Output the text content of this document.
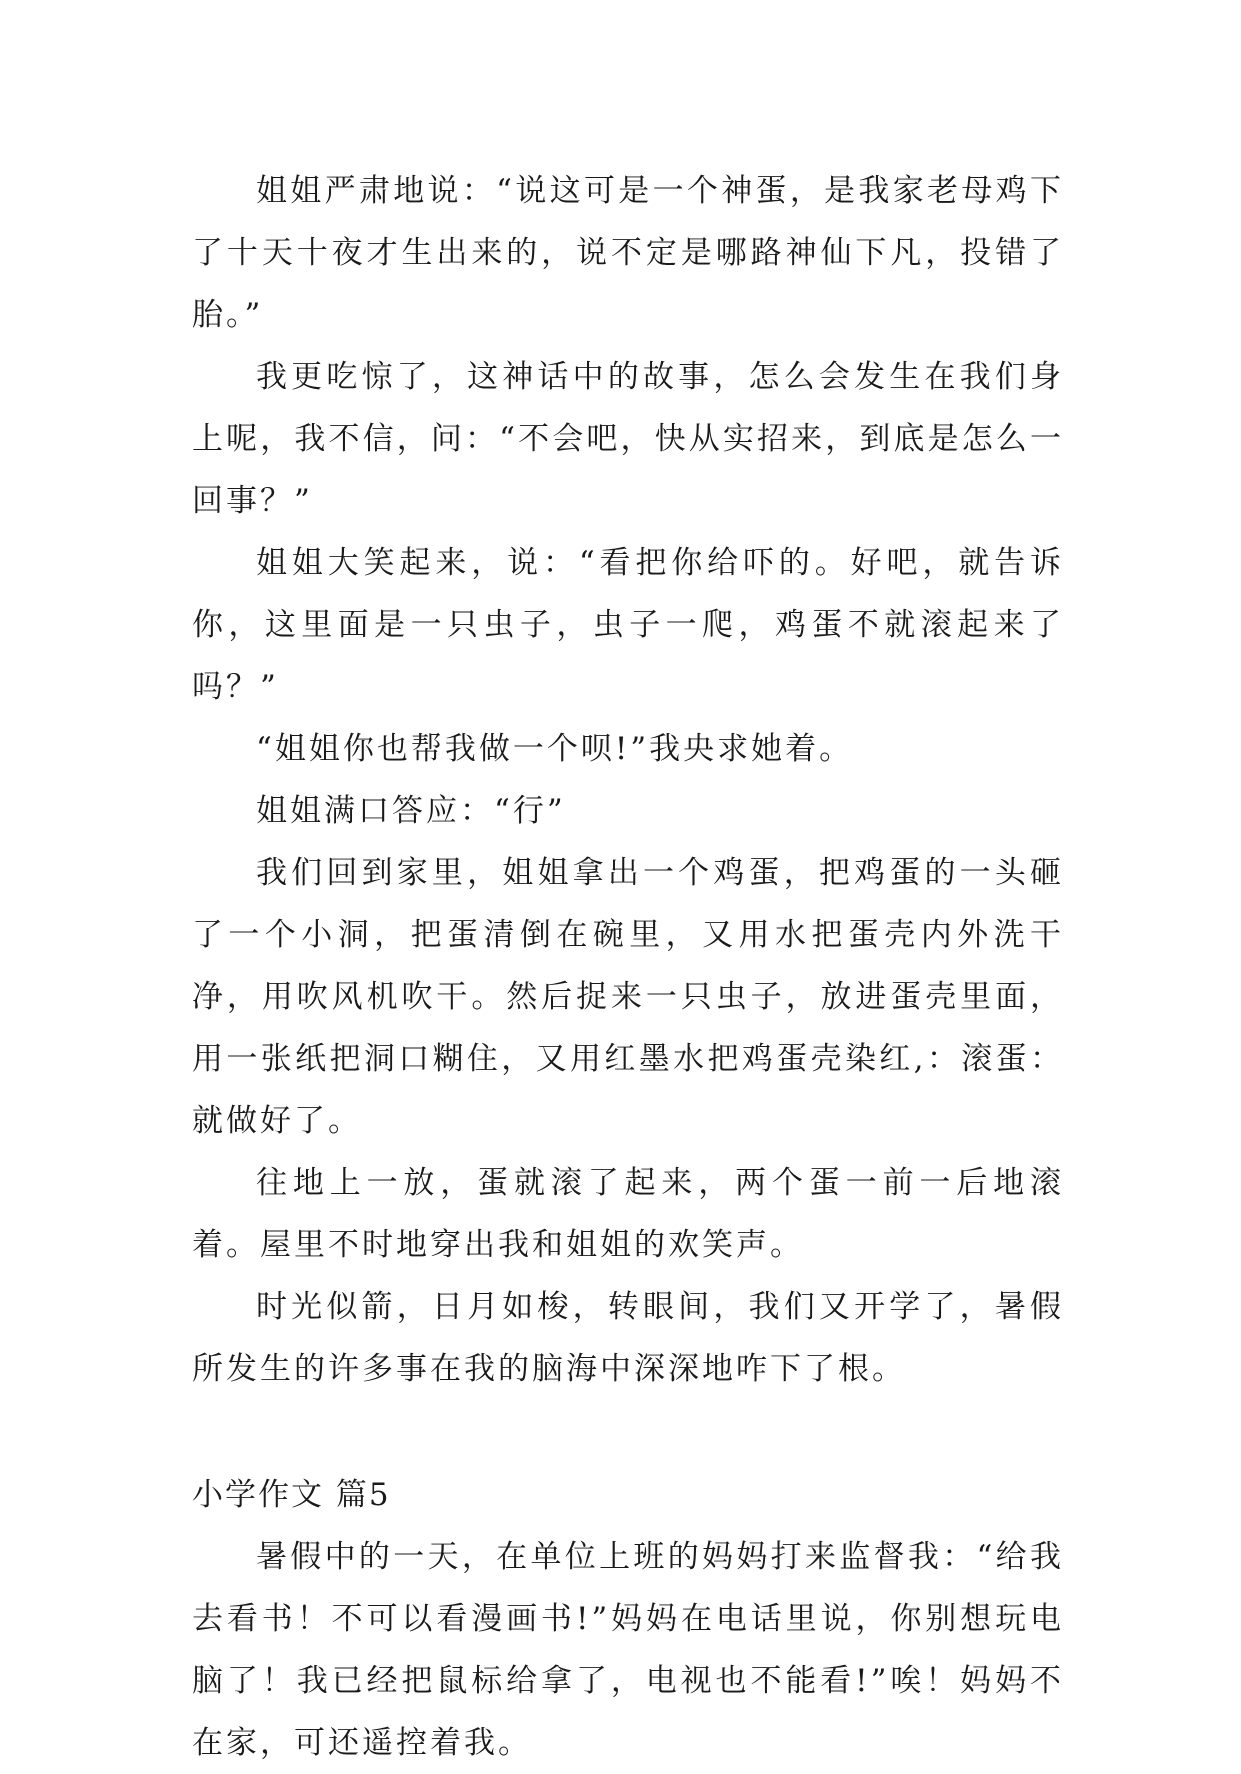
姐姐严肃地说：“说这可是一个神蛋，是我家老母鸡下了十天十夜才生出来的，说不定是哪路神仙下凡，投错了胎。”

我更吃惊了，这神话中的故事，怎么会发生在我们身上呢，我不信，问：“不会吧，快从实招来，到底是怎么一回事？”

姐姐大笑起来，说：“看把你给吓的。好吧，就告诉你，这里面是一只虫子，虫子一爬，鸡蛋不就滚起来了吗？”

“姐姐你也帮我做一个呗!”我央求她着。

姐姐满口答应：“行”

我们回到家里，姐姐拿出一个鸡蛋，把鸡蛋的一头砸了一个小洞，把蛋清倒在碗里，又用水把蛋壳内外洗干净，用吹风机吹干。然后捉来一只虫子，放进蛋壳里面，用一张纸把洞口糊住，又用红墨水把鸡蛋壳染红,：滚蛋：就做好了。

往地上一放，蛋就滚了起来，两个蛋一前一后地滚着。屋里不时地穿出我和姐姐的欢笑声。

时光似箭，日月如梭，转眼间，我们又开学了，暑假所发生的许多事在我的脑海中深深地咋下了根。

小学作文 篇5

暑假中的一天，在单位上班的妈妈打来监督我：“给我去看书！不可以看漫画书!”妈妈在电话里说，你别想玩电脑了！我已经把鼠标给拿了，电视也不能看!”唉！妈妈不在家，可还遥控着我。
